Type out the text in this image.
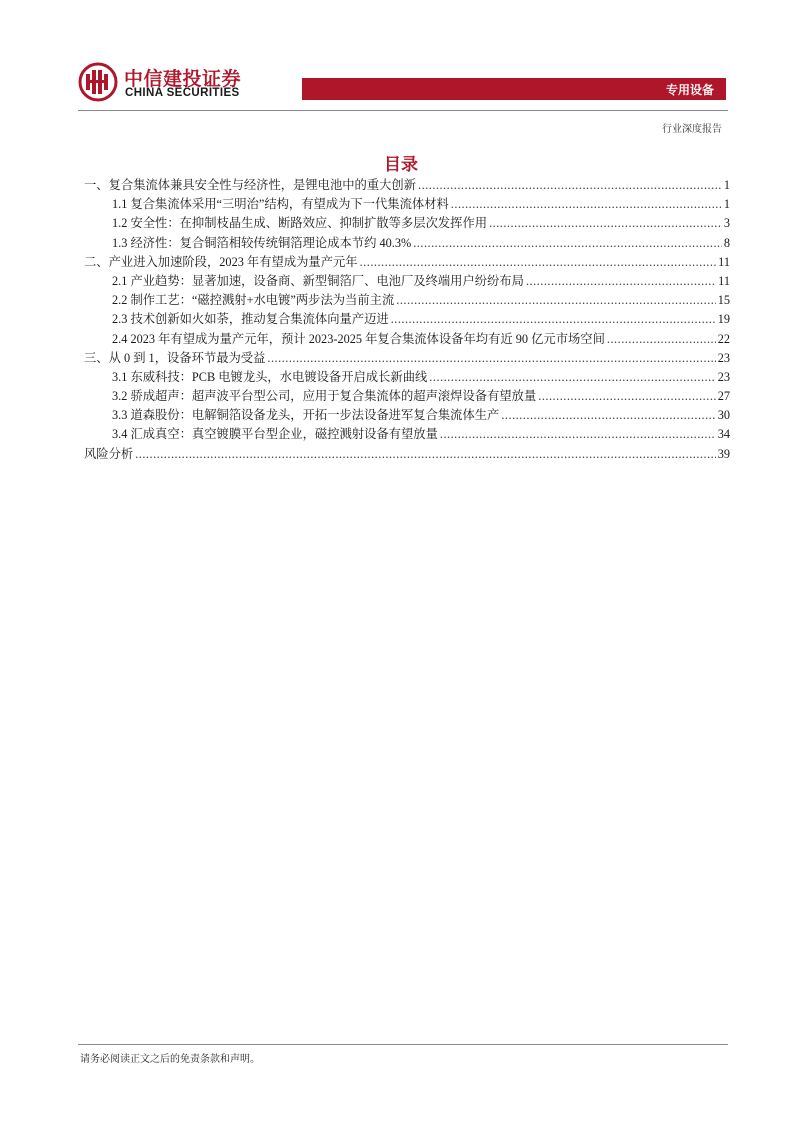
中信建投证券
CHINA SECURITIES	专用设备
行业深度报告
目录
一、复合集流体兼具安全性与经济性，是锂电池中的重大创新 .....	1
1.1 复合集流体采用“三明治”结构，有望成为下一代集流体材料 .....	1
1.2 安全性：在抑制枝晶生成、断路效应、抑制扩散等多层次发挥作用 .....	3
1.3 经济性：复合铜箔相较传统铜箔理论成本节约 40.3% .....	8
二、产业进入加速阶段，2023 年有望成为量产元年 .....	11
2.1 产业趋势：显著加速，设备商、新型铜箔厂、电池厂及终端用户纷纷布局 .....	11
2.2 制作工艺：“磁控溅射+水电镀”两步法为当前主流 .....	15
2.3 技术创新如火如荼，推动复合集流体向量产迈进 .....	19
2.4 2023 年有望成为量产元年，预计 2023-2025 年复合集流体设备年均有近 90 亿元市场空间 .....	22
三、从 0 到 1，设备环节最为受益 .....	23
3.1 东威科技：PCB 电镀龙头，水电镀设备开启成长新曲线 .....	23
3.2 骄成超声：超声波平台型公司，应用于复合集流体的超声滚焊设备有望放量 .....	27
3.3 道森股份：电解铜箔设备龙头，开拓一步法设备进军复合集流体生产 .....	30
3.4 汇成真空：真空镀膜平台型企业，磁控溅射设备有望放量 .....	34
风险分析 .....	39
请务必阅读正文之后的免责条款和声明。
